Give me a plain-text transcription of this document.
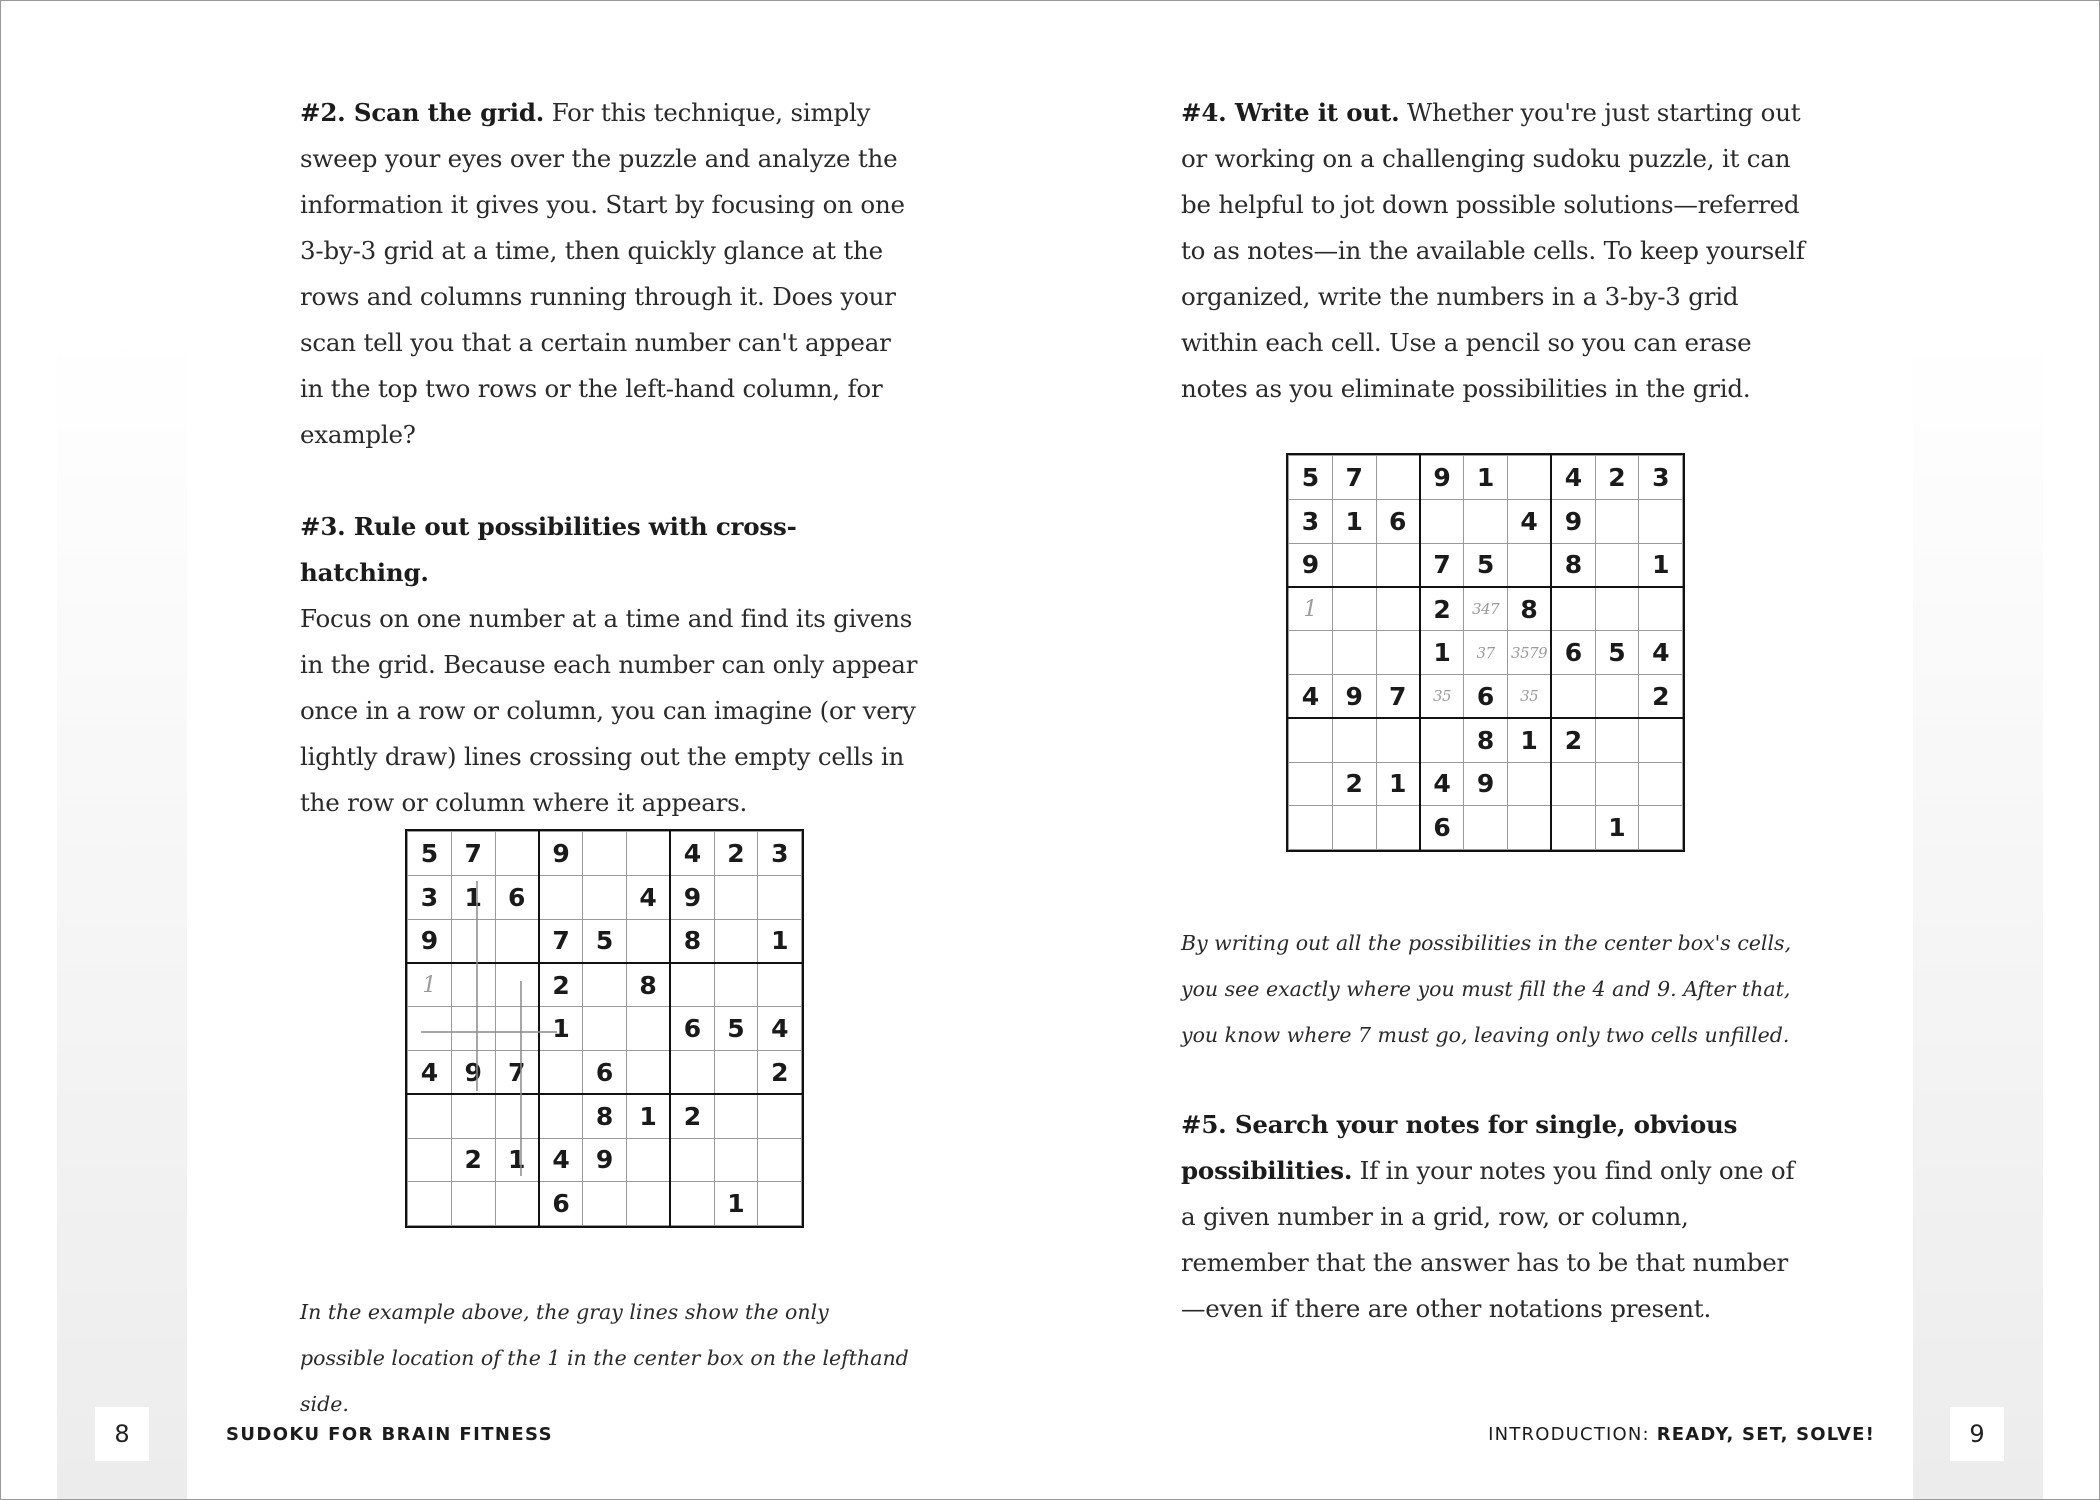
#2. Scan the grid. For this technique, simply sweep your eyes over the puzzle and analyze the information it gives you. Start by focusing on one 3-by-3 grid at a time, then quickly glance at the rows and columns running through it. Does your scan tell you that a certain number can't appear in the top two rows or the left-hand column, for example?

#3. Rule out possibilities with cross-hatching.
Focus on one number at a time and find its givens in the grid. Because each number can only appear once in a row or column, you can imagine (or very lightly draw) lines crossing out the empty cells in the row or column where it appears.

5	7		9			4	2	3
3	1	6			4	9		
9			7	5		8		1
1			2		8			
			1			6	5	4
4	9	7		6				2
				8	1	2		
	2	1	4	9				
			6				1	

In the example above, the gray lines show the only possible location of the 1 in the center box on the lefthand side.

#4. Write it out. Whether you're just starting out or working on a challenging sudoku puzzle, it can be helpful to jot down possible solutions—referred to as notes—in the available cells. To keep yourself organized, write the numbers in a 3-by-3 grid within each cell. Use a pencil so you can erase notes as you eliminate possibilities in the grid.

5	7		9	1		4	2	3
3	1	6			4	9		
9			7	5		8		1
1			2	347	8			
			1	37	3579	6	5	4
4	9	7	35	6	35			2
				8	1	2		
	2	1	4	9				
			6				1	

By writing out all the possibilities in the center box's cells, you see exactly where you must fill the 4 and 9. After that, you know where 7 must go, leaving only two cells unfilled.

#5. Search your notes for single, obvious possibilities. If in your notes you find only one of a given number in a grid, row, or column, remember that the answer has to be that number—even if there are other notations present.

8	SUDOKU FOR BRAIN FITNESS	INTRODUCTION: READY, SET, SOLVE!	9
